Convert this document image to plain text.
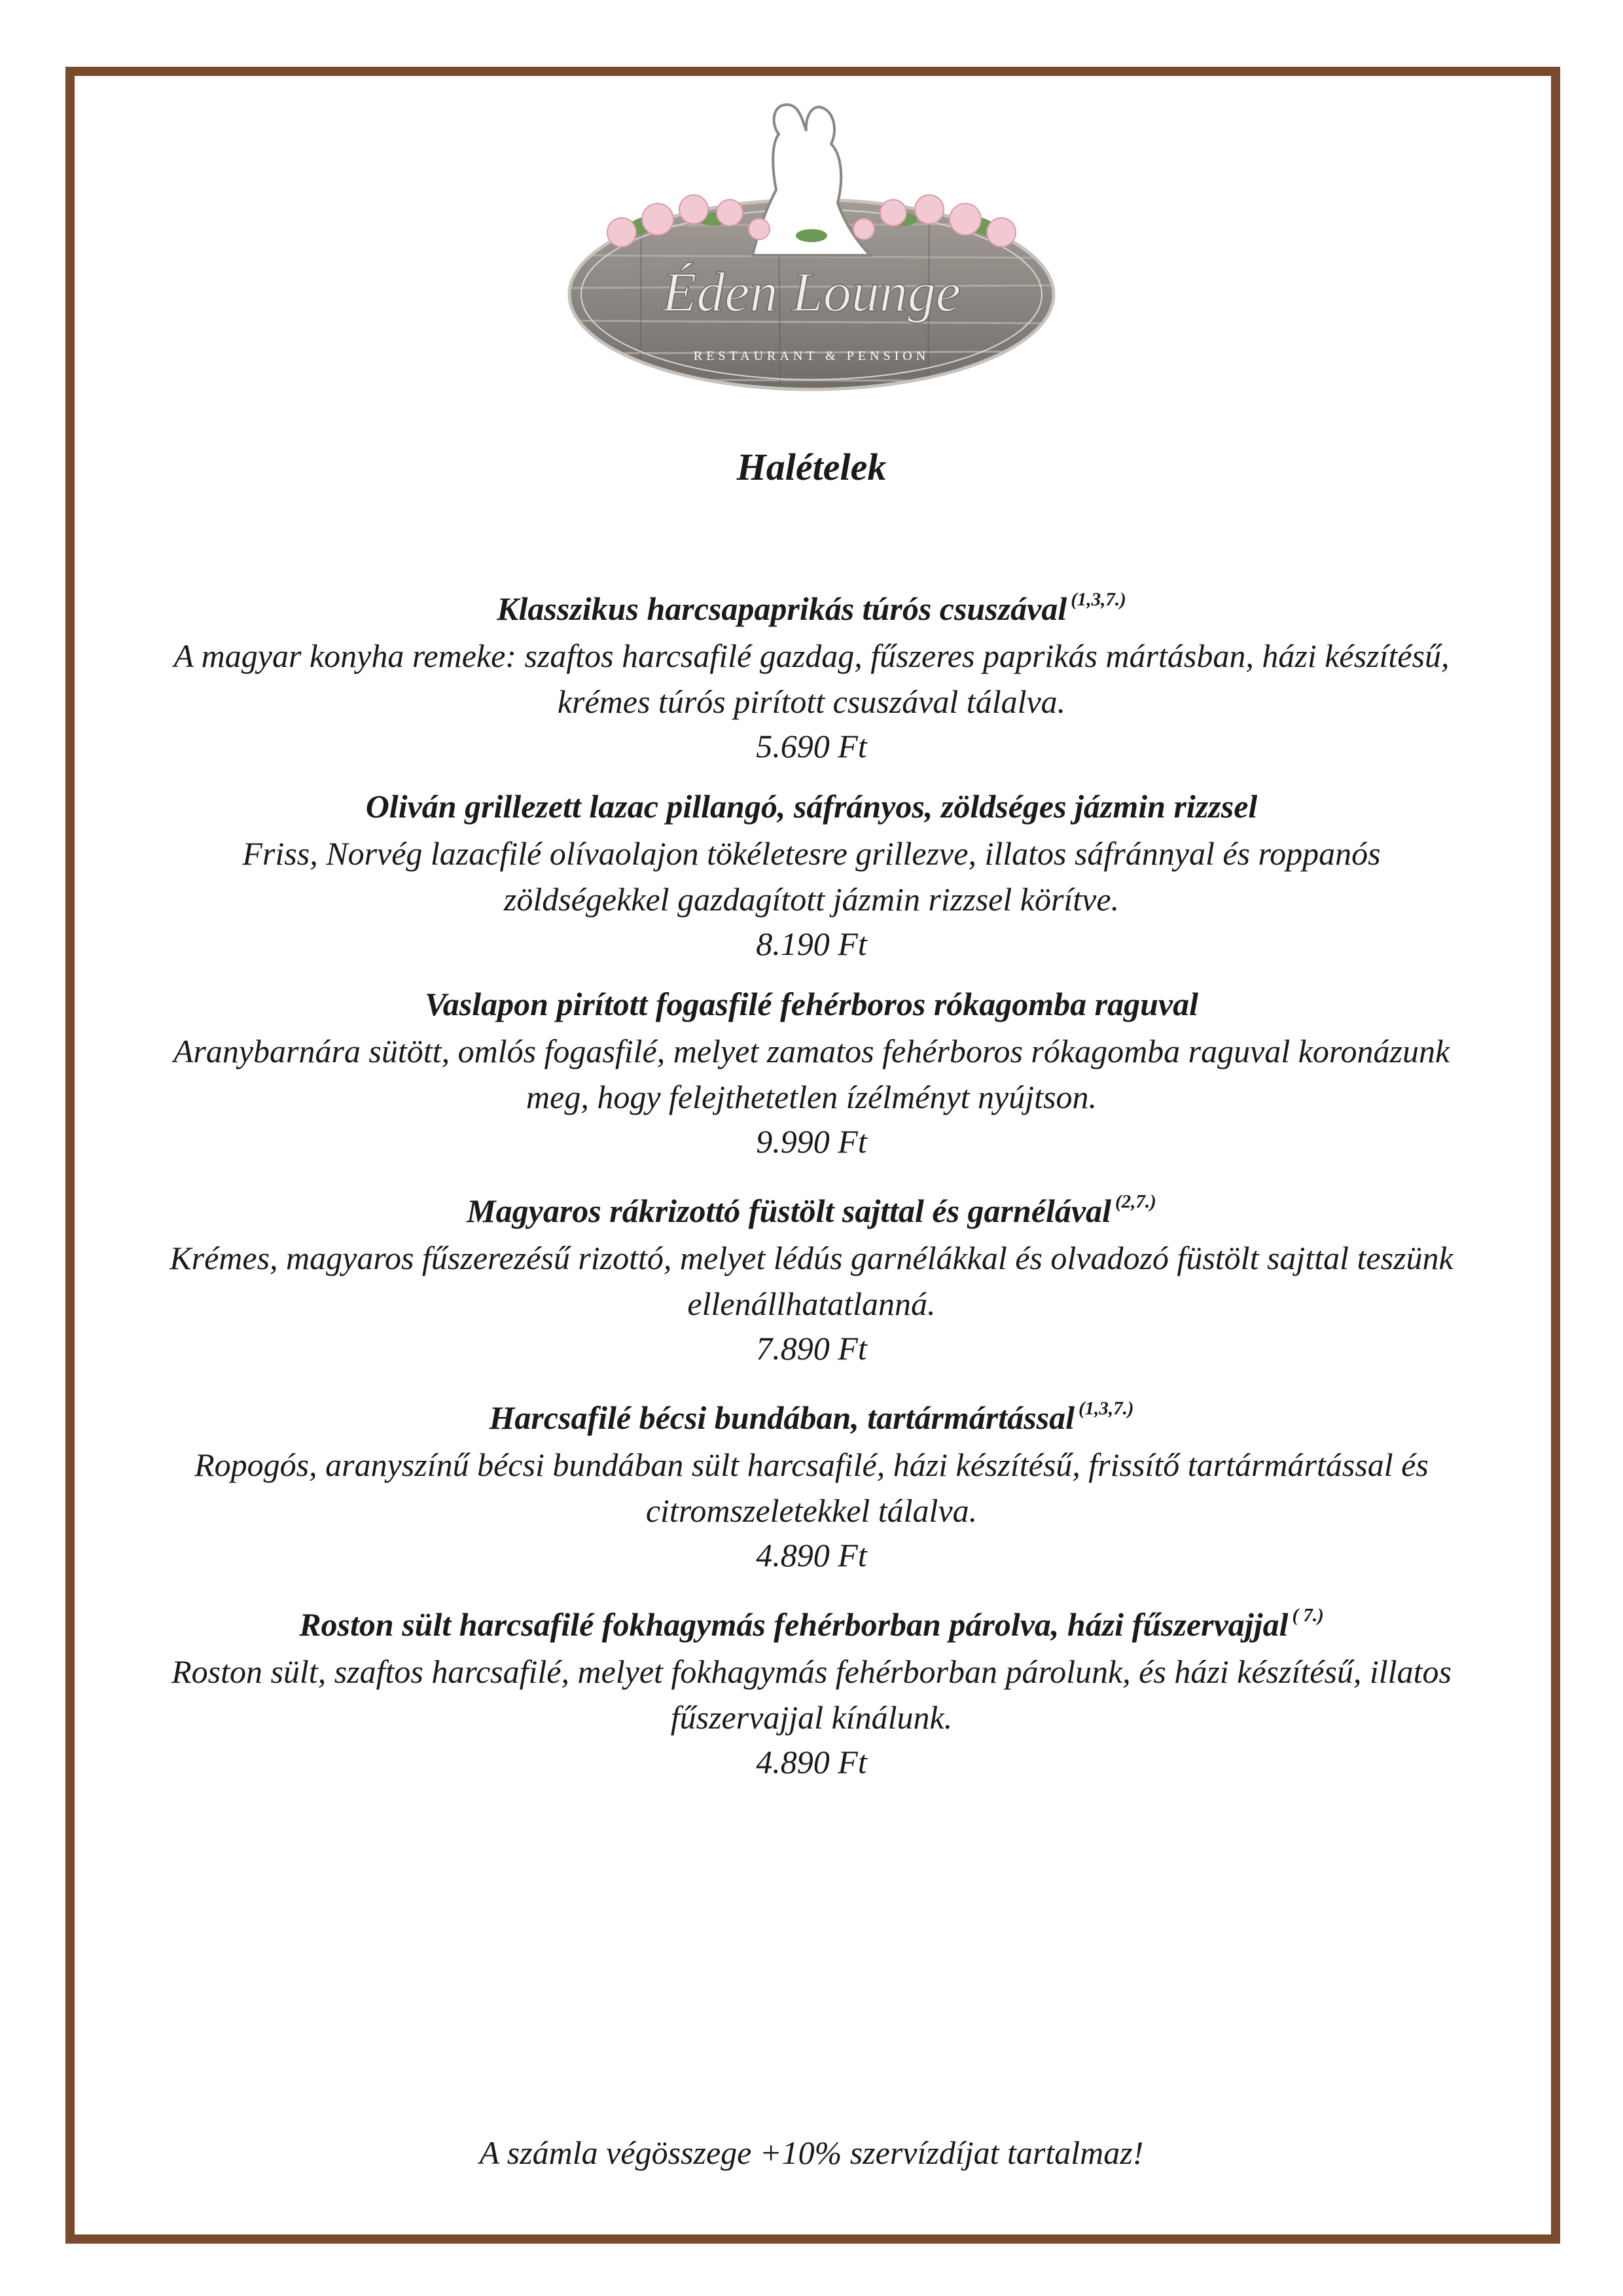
Éden Lounge
RESTAURANT & PENSION
Halételek
Klasszikus harcsapaprikás túrós csuszával $^{(1,3,7.)}$
A magyar konyha remeke: szaftos harcsafilé gazdag, fűszeres paprikás mártásban, házi készítésű, krémes túrós pirított csuszával tálalva.
5.690 Ft
Oliván grillezett lazac pillangó, sáfrányos, zöldséges jázmin rizzsel
Friss, Norvég lazacfilé olívaolajon tökéletesre grillezve, illatos sáfránnyal és roppanós zöldségekkel gazdagított jázmin rizzsel körítve.
8.190 Ft
Vaslapon pirított fogasfilé fehérboros rókagomba raguval
Aranybarnára sütött, omlós fogasfilé, melyet zamatos fehérboros rókagomba raguval koronázunk meg, hogy felejthetetlen ízélményt nyújtson.
9.990 Ft
Magyaros rákrizottó füstölt sajttal és garnélával $^{(2,7.)}$
Krémes, magyaros fűszerezésű rizottó, melyet lédús garnélákkal és olvadozó füstölt sajttal teszünk ellenállhatatlanná.
7.890 Ft
Harcsafilé bécsi bundában, tartármártással $^{(1,3,7.)}$
Ropogós, aranyszínű bécsi bundában sült harcsafilé, házi készítésű, frissítő tartármártással és citromszeletekkel tálalva.
4.890 Ft
Roston sült harcsafilé fokhagymás fehérborban párolva, házi fűszervajjal $^{( 7.)}$
Roston sült, szaftos harcsafilé, melyet fokhagymás fehérborban párolunk, és házi készítésű, illatos fűszervajjal kínálunk.
4.890 Ft
A számla végösszege +10% szervízdíjat tartalmaz!
